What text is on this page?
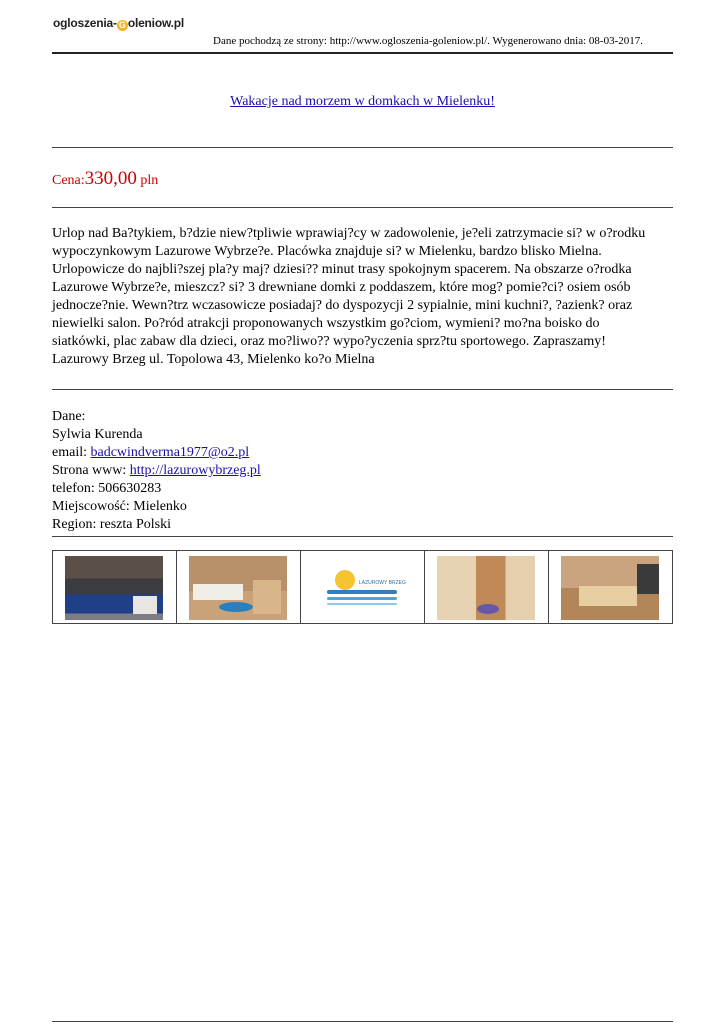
ogloszenia- G oleniow.pl
Dane pochodzą ze strony: http://www.ogloszenia-goleniow.pl/. Wygenerowano dnia: 08-03-2017.
Wakacje nad morzem w domkach w Mielenku!
Cena:330,00 pln
Urlop nad Ba?tykiem, b?dzie niew?tpliwie wprawiaj?cy w zadowolenie, je?eli zatrzymacie si? w o?rodku wypoczynkowym Lazurowe Wybrze?e. Placówka znajduje si? w Mielenku, bardzo blisko Mielna. Urlopowicze do najbli?szej pla?y maj? dziesi?? minut trasy spokojnym spacerem. Na obszarze o?rodka Lazurowe Wybrze?e, mieszcz? si? 3 drewniane domki z poddaszem, które mog? pomie?ci? osiem osób jednocze?nie. Wewn?trz wczasowicze posiadaj? do dyspozycji 2 sypialnie, mini kuchni?, ?azienk? oraz niewielki salon. Po?ród atrakcji proponowanych wszystkim go?ciom, wymieni? mo?na boisko do siatkówki, plac zabaw dla dzieci, oraz mo?liwo?? wypo?yczenia sprz?tu sportowego. Zapraszamy! Lazurowy Brzeg ul. Topolowa 43, Mielenko ko?o Mielna
Dane:
Sylwia Kurenda
email: badcwindverma1977@o2.pl
Strona www: http://lazurowybrzeg.pl
telefon: 506630283
Miejscowość: Mielenko
Region: reszta Polski
LAZUROWY BRZEG
